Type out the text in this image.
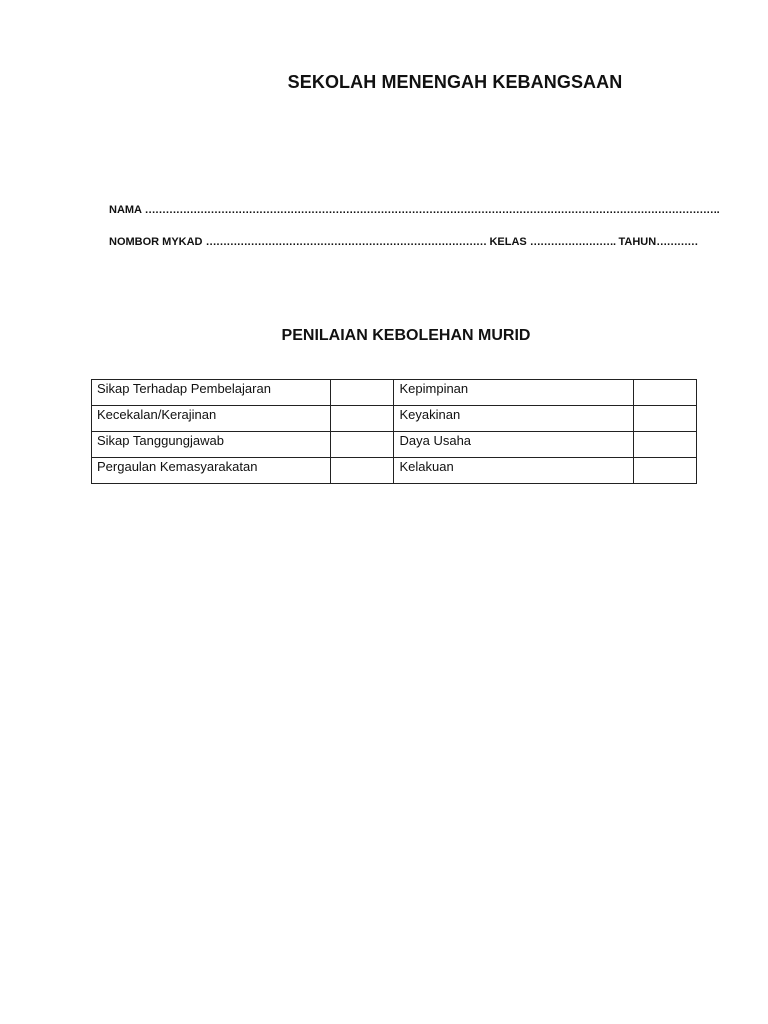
SEKOLAH MENENGAH KEBANGSAAN
NAMA ………………………………………………………………………………………………………………………………………………….
NOMBOR MYKAD ……………………………………………………………………… KELAS ……………………. TAHUN…………
PENILAIAN KEBOLEHAN MURID
Sikap Terhadap Pembelajaran		Kepimpinan	
Kecekalan/Kerajinan		Keyakinan	
Sikap Tanggungjawab		Daya Usaha	
Pergaulan Kemasyarakatan		Kelakuan	
